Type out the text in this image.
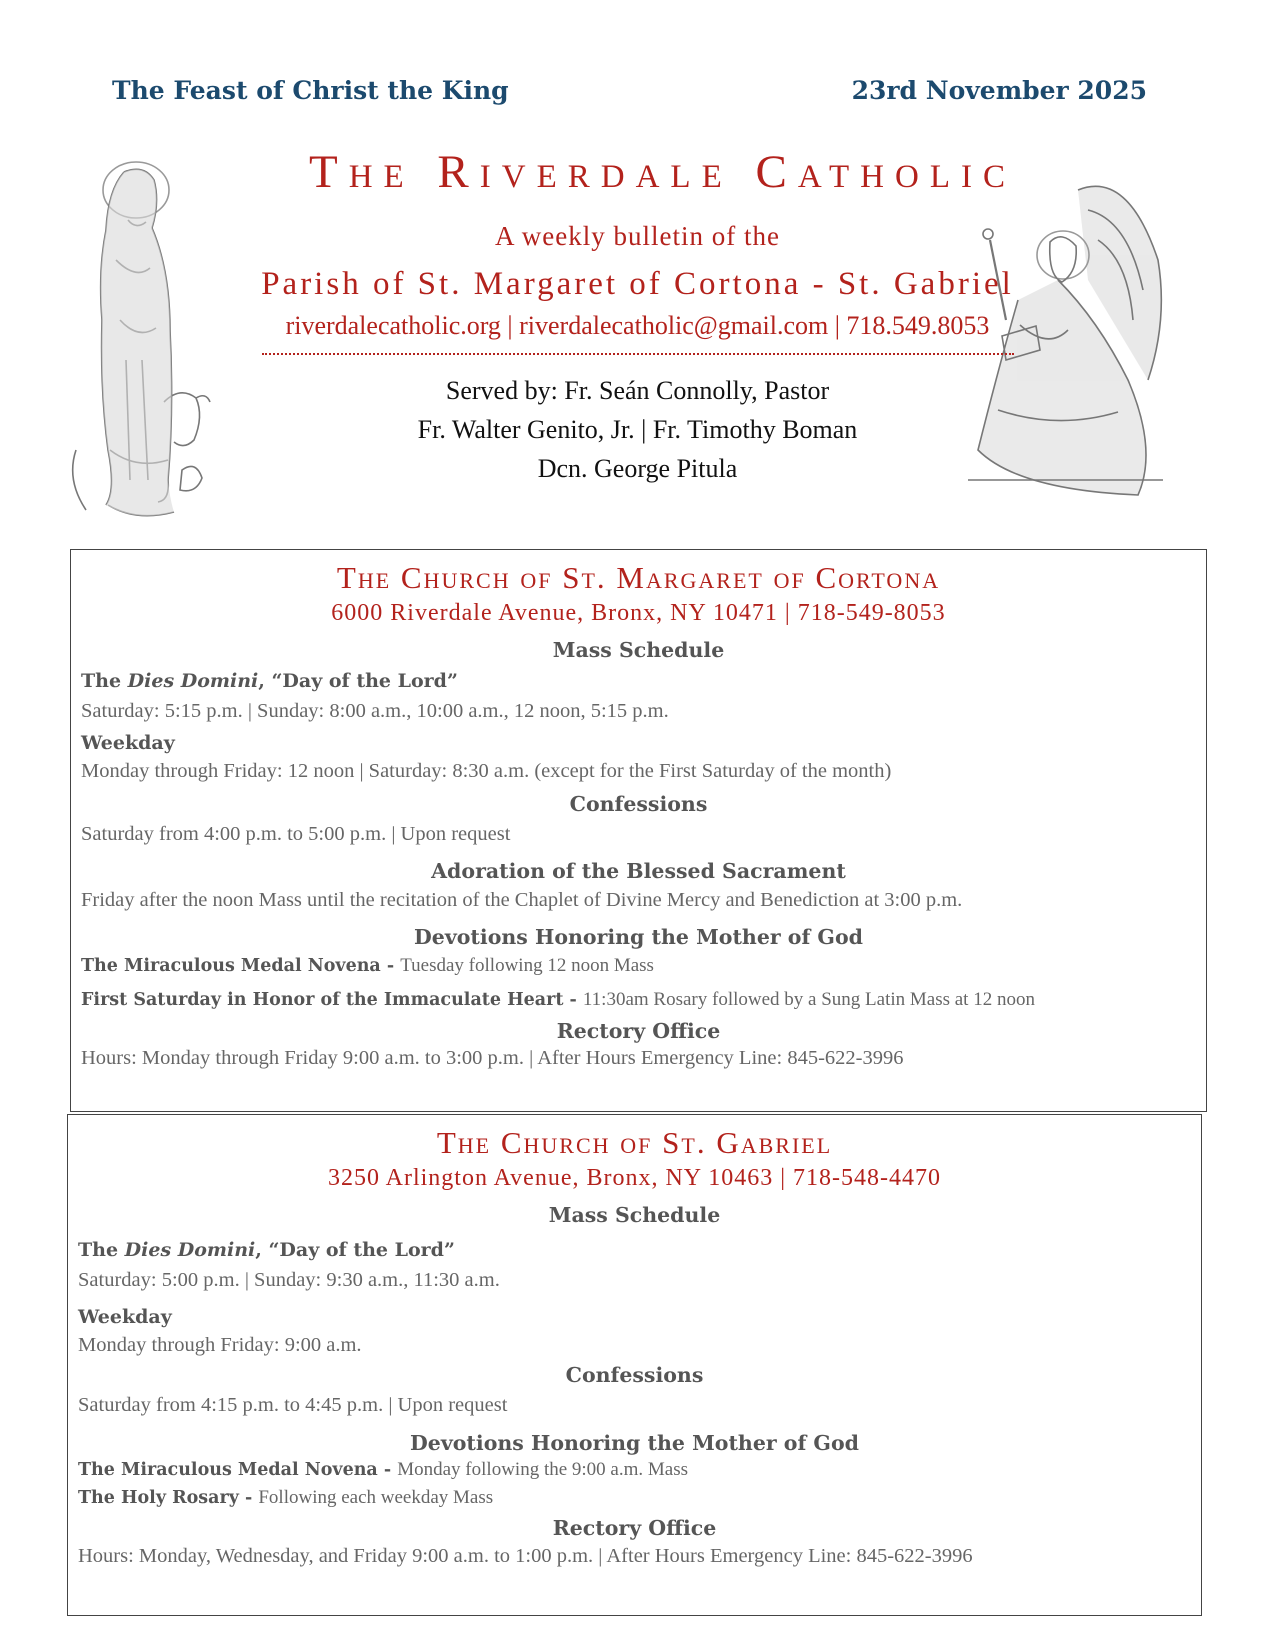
The Feast of Christ the King	23rd November 2025
The Riverdale Catholic
A weekly bulletin of the
Parish of St. Margaret of Cortona - St. Gabriel
riverdalecatholic.org | riverdalecatholic@gmail.com | 718.549.8053
Served by: Fr. Seán Connolly, Pastor
Fr. Walter Genito, Jr. | Fr. Timothy Boman
Dcn. George Pitula
The Church of St. Margaret of Cortona
6000 Riverdale Avenue, Bronx, NY 10471 | 718-549-8053
Mass Schedule
The Dies Domini, “Day of the Lord”
Saturday: 5:15 p.m. | Sunday: 8:00 a.m., 10:00 a.m., 12 noon, 5:15 p.m.
Weekday
Monday through Friday: 12 noon | Saturday: 8:30 a.m. (except for the First Saturday of the month)
Confessions
Saturday from 4:00 p.m. to 5:00 p.m. | Upon request
Adoration of the Blessed Sacrament
Friday after the noon Mass until the recitation of the Chaplet of Divine Mercy and Benediction at 3:00 p.m.
Devotions Honoring the Mother of God
The Miraculous Medal Novena - Tuesday following 12 noon Mass
First Saturday in Honor of the Immaculate Heart - 11:30am Rosary followed by a Sung Latin Mass at 12 noon
Rectory Office
Hours: Monday through Friday 9:00 a.m. to 3:00 p.m. | After Hours Emergency Line: 845-622-3996
The Church of St. Gabriel
3250 Arlington Avenue, Bronx, NY 10463 | 718-548-4470
Mass Schedule
The Dies Domini, “Day of the Lord”
Saturday: 5:00 p.m. | Sunday: 9:30 a.m., 11:30 a.m.
Weekday
Monday through Friday: 9:00 a.m.
Confessions
Saturday from 4:15 p.m. to 4:45 p.m. | Upon request
Devotions Honoring the Mother of God
The Miraculous Medal Novena - Monday following the 9:00 a.m. Mass
The Holy Rosary - Following each weekday Mass
Rectory Office
Hours: Monday, Wednesday, and Friday 9:00 a.m. to 1:00 p.m. | After Hours Emergency Line: 845-622-3996
